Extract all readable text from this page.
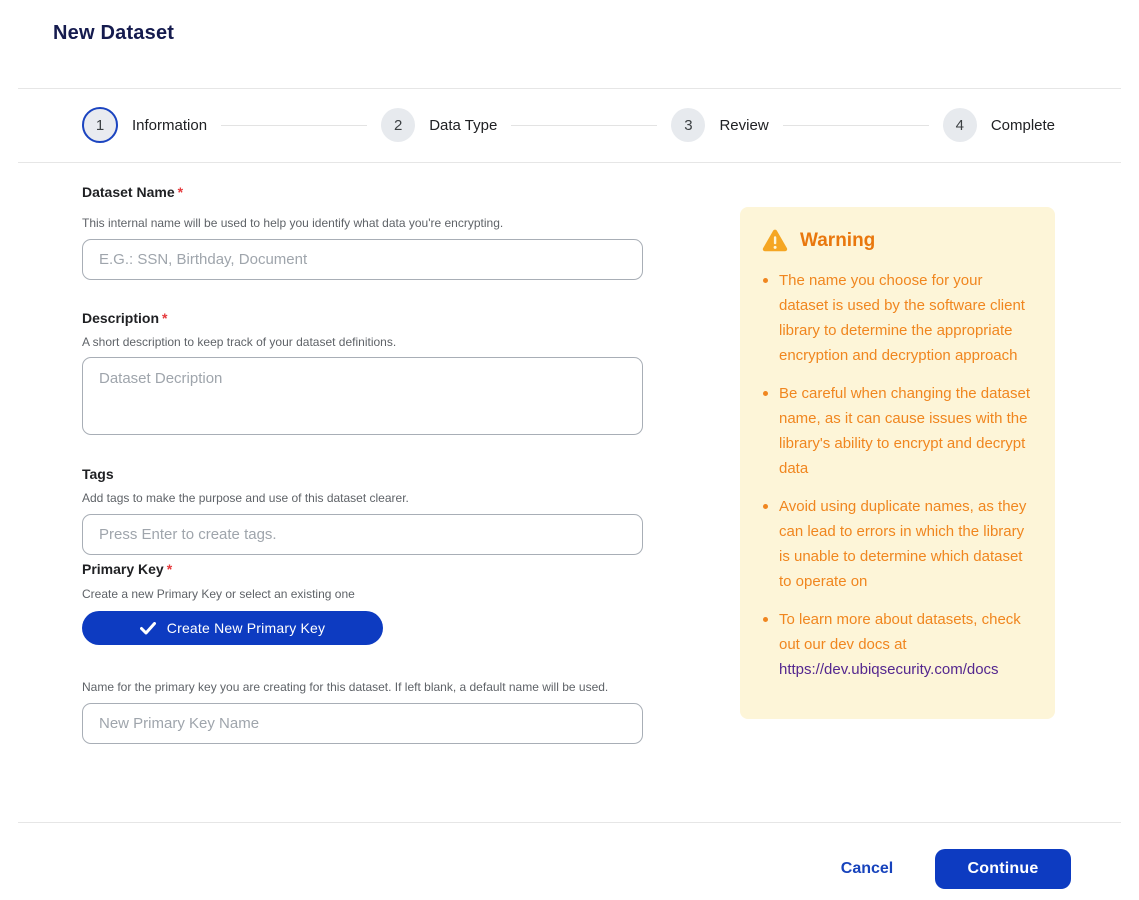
New Dataset
1	Information	2	Data Type	3	Review	4	Complete
Dataset Name *
This internal name will be used to help you identify what data you're encrypting.
E.G.: SSN, Birthday, Document
Description *
A short description to keep track of your dataset definitions.
Dataset Decription
Tags
Add tags to make the purpose and use of this dataset clearer.
Press Enter to create tags.
Primary Key *
Create a new Primary Key or select an existing one
Create New Primary Key
Name for the primary key you are creating for this dataset. If left blank, a default name will be used.
New Primary Key Name
Warning
The name you choose for your dataset is used by the software client library to determine the appropriate encryption and decryption approach
Be careful when changing the dataset name, as it can cause issues with the library's ability to encrypt and decrypt data
Avoid using duplicate names, as they can lead to errors in which the library is unable to determine which dataset to operate on
To learn more about datasets, check out our dev docs at https://dev.ubiqsecurity.com/docs
Cancel	Continue
